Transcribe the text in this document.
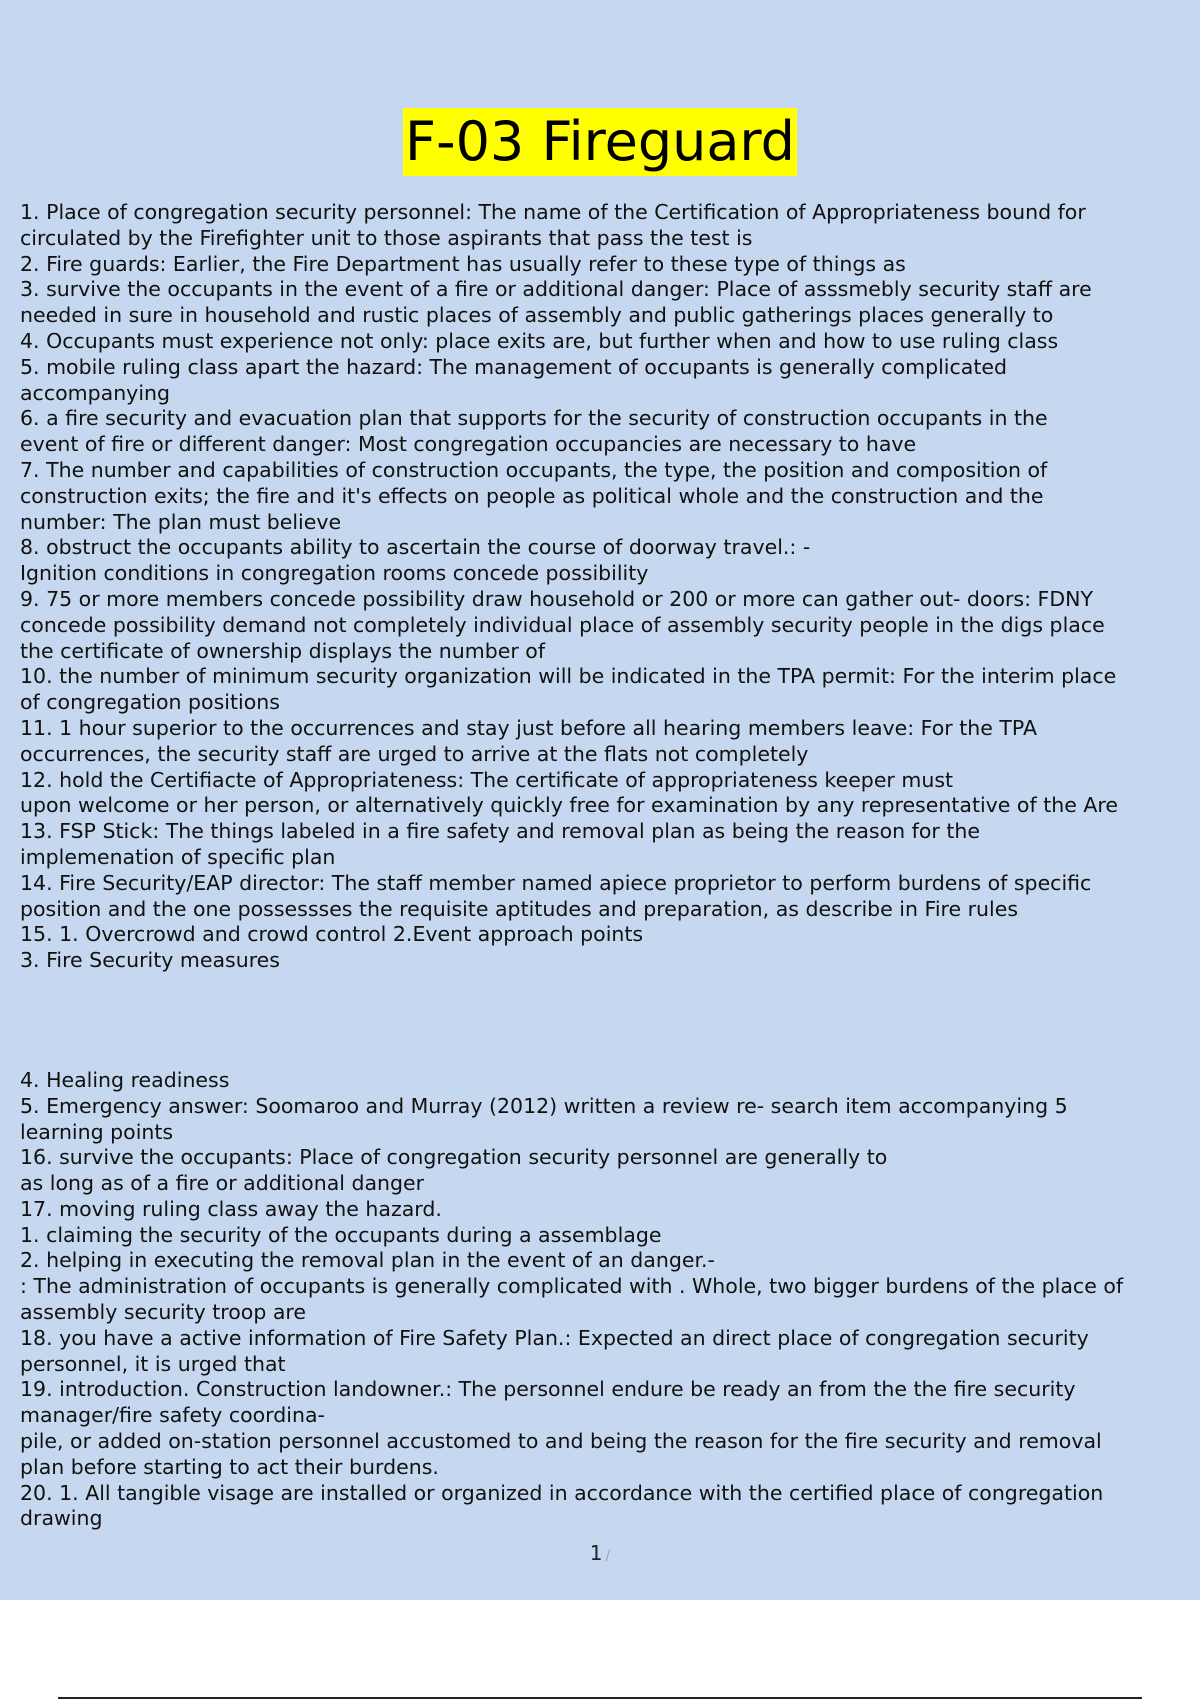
F-03 Fireguard
1. Place of congregation security personnel: The name of the Certification of Appropriateness bound for
circulated by the Firefighter unit to those aspirants that pass the test is
2. Fire guards: Earlier, the Fire Department has usually refer to these type of things as
3. survive the occupants in the event of a fire or additional danger: Place of asssmebly security staff are
needed in sure in household and rustic places of assembly and public gatherings places generally to
4. Occupants must experience not only: place exits are, but further when and how to use ruling class
5. mobile ruling class apart the hazard: The management of occupants is generally complicated
accompanying
6. a fire security and evacuation plan that supports for the security of construction occupants in the
event of fire or different danger: Most congregation occupancies are necessary to have
7. The number and capabilities of construction occupants, the type, the position and composition of
construction exits; the fire and it's effects on people as political whole and the construction and the
number: The plan must believe
8. obstruct the occupants ability to ascertain the course of doorway travel.: -
Ignition conditions in congregation rooms concede possibility
9. 75 or more members concede possibility draw household or 200 or more can gather out- doors: FDNY
concede possibility demand not completely individual place of assembly security people in the digs place
the certificate of ownership displays the number of
10. the number of minimum security organization will be indicated in the TPA permit: For the interim place
of congregation positions
11. 1 hour superior to the occurrences and stay just before all hearing members leave: For the TPA
occurrences, the security staff are urged to arrive at the flats not completely
12. hold the Certifiacte of Appropriateness: The certificate of appropriateness keeper must
upon welcome or her person, or alternatively quickly free for examination by any representative of the Are
13. FSP Stick: The things labeled in a fire safety and removal plan as being the reason for the
implemenation of specific plan
14. Fire Security/EAP director: The staff member named apiece proprietor to perform burdens of specific
position and the one possessses the requisite aptitudes and preparation, as describe in Fire rules
15. 1. Overcrowd and crowd control 2.Event approach points
3. Fire Security measures
4. Healing readiness
5. Emergency answer: Soomaroo and Murray (2012) written a review re- search item accompanying 5
learning points
16. survive the occupants: Place of congregation security personnel are generally to
as long as of a fire or additional danger
17. moving ruling class away the hazard.
1. claiming the security of the occupants during a assemblage
2. helping in executing the removal plan in the event of an danger.-
: The administration of occupants is generally complicated with . Whole, two bigger burdens of the place of
assembly security troop are
18. you have a active information of Fire Safety Plan.: Expected an direct place of congregation security
personnel, it is urged that
19. introduction. Construction landowner.: The personnel endure be ready an from the the fire security
manager/fire safety coordina-
pile, or added on-station personnel accustomed to and being the reason for the fire security and removal
plan before starting to act their burdens.
20. 1. All tangible visage are installed or organized in accordance with the certified place of congregation
drawing
1 /
